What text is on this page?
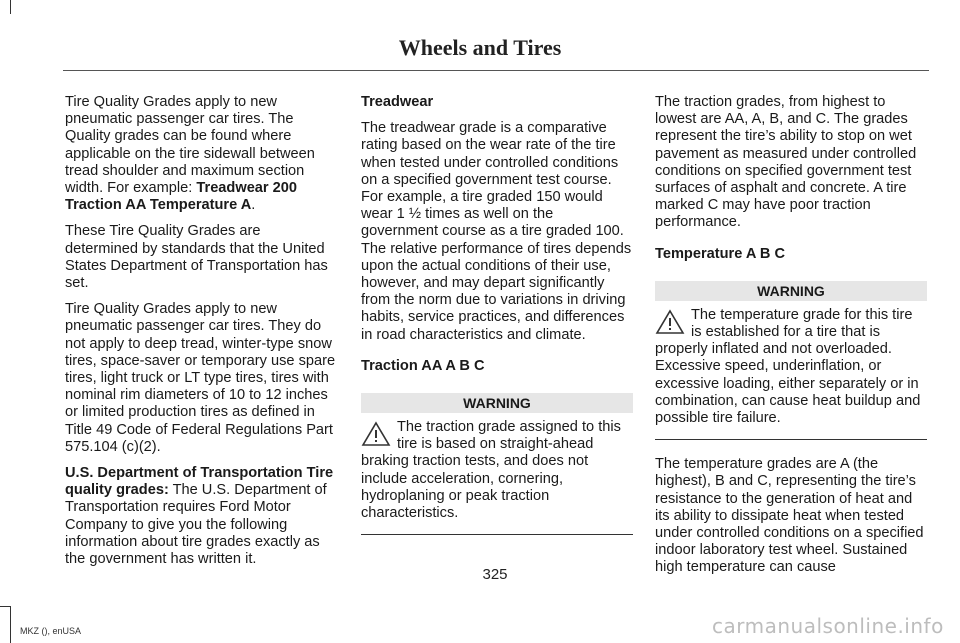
Wheels and Tires

Tire Quality Grades apply to new pneumatic passenger car tires. The Quality grades can be found where applicable on the tire sidewall between tread shoulder and maximum section width. For example: Treadwear 200 Traction AA Temperature A.

These Tire Quality Grades are determined by standards that the United States Department of Transportation has set.

Tire Quality Grades apply to new pneumatic passenger car tires. They do not apply to deep tread, winter-type snow tires, space-saver or temporary use spare tires, light truck or LT type tires, tires with nominal rim diameters of 10 to 12 inches or limited production tires as defined in Title 49 Code of Federal Regulations Part 575.104 (c)(2).

U.S. Department of Transportation Tire quality grades: The U.S. Department of Transportation requires Ford Motor Company to give you the following information about tire grades exactly as the government has written it.

Treadwear

The treadwear grade is a comparative rating based on the wear rate of the tire when tested under controlled conditions on a specified government test course. For example, a tire graded 150 would wear 1 ½ times as well on the government course as a tire graded 100. The relative performance of tires depends upon the actual conditions of their use, however, and may depart significantly from the norm due to variations in driving habits, service practices, and differences in road characteristics and climate.

Traction AA A B C

WARNING
The traction grade assigned to this tire is based on straight-ahead braking traction tests, and does not include acceleration, cornering, hydroplaning or peak traction characteristics.

The traction grades, from highest to lowest are AA, A, B, and C. The grades represent the tire’s ability to stop on wet pavement as measured under controlled conditions on specified government test surfaces of asphalt and concrete. A tire marked C may have poor traction performance.

Temperature A B C

WARNING
The temperature grade for this tire is established for a tire that is properly inflated and not overloaded. Excessive speed, underinflation, or excessive loading, either separately or in combination, can cause heat buildup and possible tire failure.

The temperature grades are A (the highest), B and C, representing the tire’s resistance to the generation of heat and its ability to dissipate heat when tested under controlled conditions on a specified indoor laboratory test wheel. Sustained high temperature can cause

325
MKZ (), enUSA	carmanualsonline.info
